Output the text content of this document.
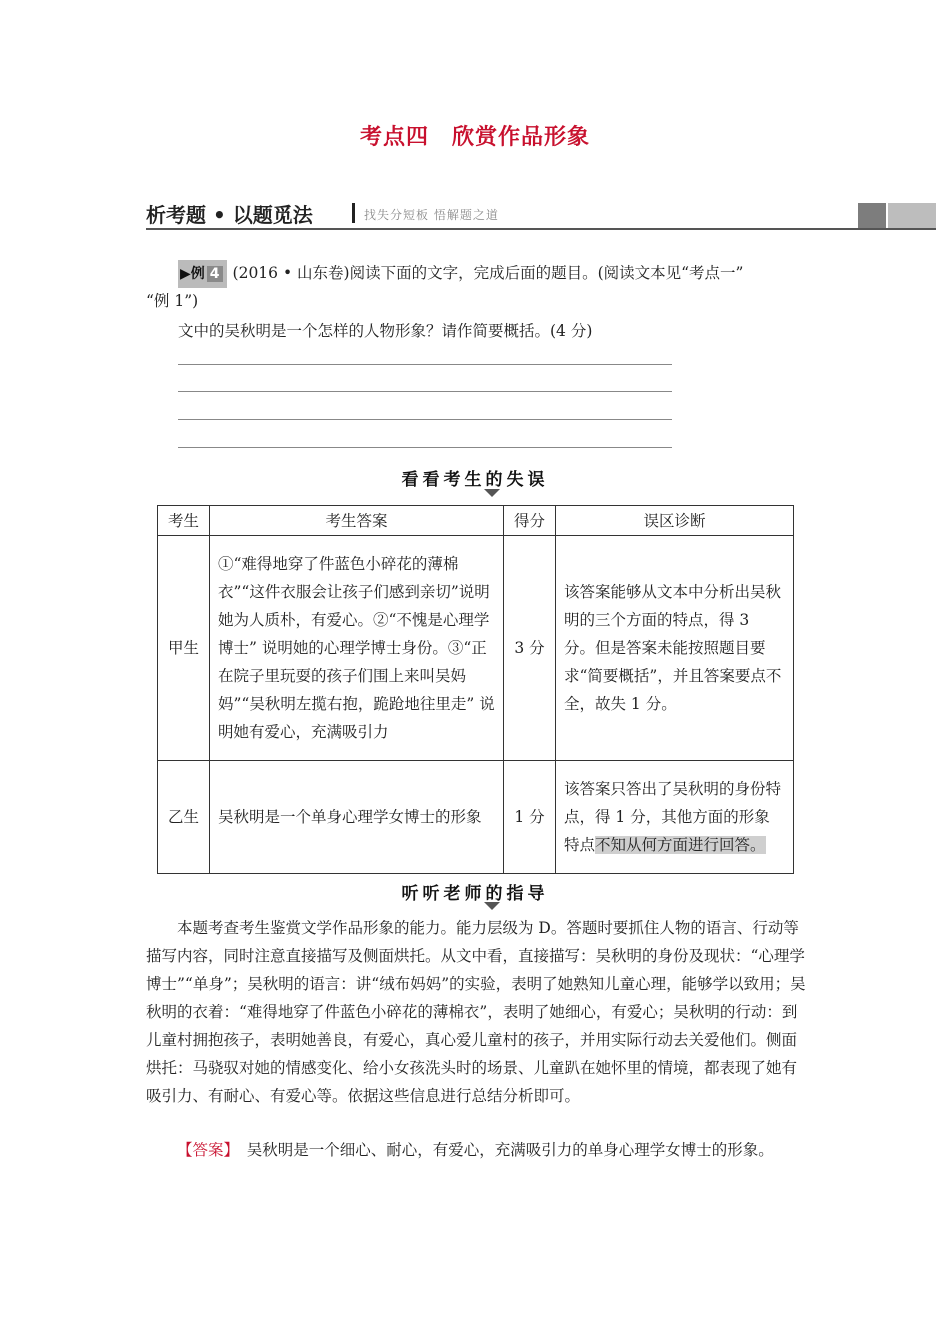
考点四　欣赏作品形象
析考题 • 以题觅法	找失分短板 悟解题之道
▶例 4 (2016 • 山东卷)阅读下面的文字，完成后面的题目。(阅读文本见“考点一”
“例 1”)
文中的吴秋明是一个怎样的人物形象？请作简要概括。(4 分)
看看考生的失误
考生	考生答案	得分	误区诊断
甲生	①“难得地穿了件蓝色小碎花的薄棉衣”“这件衣服会让孩子们感到亲切”说明她为人质朴，有爱心。②“不愧是心理学博士” 说明她的心理学博士身份。③“正在院子里玩耍的孩子们围上来叫吴妈妈”“吴秋明左揽右抱，跪跄地往里走” 说明她有爱心，充满吸引力	3 分	该答案能够从文本中分析出吴秋明的三个方面的特点，得 3 分。但是答案未能按照题目要求“简要概括”，并且答案要点不全，故失 1 分。
乙生	吴秋明是一个单身心理学女博士的形象	1 分	该答案只答出了吴秋明的身份特点，得 1 分，其他方面的形象特点不知从何方面进行回答。
听听老师的指导
本题考查考生鉴赏文学作品形象的能力。能力层级为 D。答题时要抓住人物的语言、行动等描写内容，同时注意直接描写及侧面烘托。从文中看，直接描写：吴秋明的身份及现状：“心理学博士”“单身”；吴秋明的语言：讲“绒布妈妈”的实验，表明了她熟知儿童心理，能够学以致用；吴秋明的衣着：“难得地穿了件蓝色小碎花的薄棉衣”，表明了她细心，有爱心；吴秋明的行动：到儿童村拥抱孩子，表明她善良，有爱心，真心爱儿童村的孩子，并用实际行动去关爱他们。侧面烘托：马骁驭对她的情感变化、给小女孩洗头时的场景、儿童趴在她怀里的情境，都表现了她有吸引力、有耐心、有爱心等。依据这些信息进行总结分析即可。
【答案】　 吴秋明是一个细心、耐心，有爱心，充满吸引力的单身心理学女博士的形象。
